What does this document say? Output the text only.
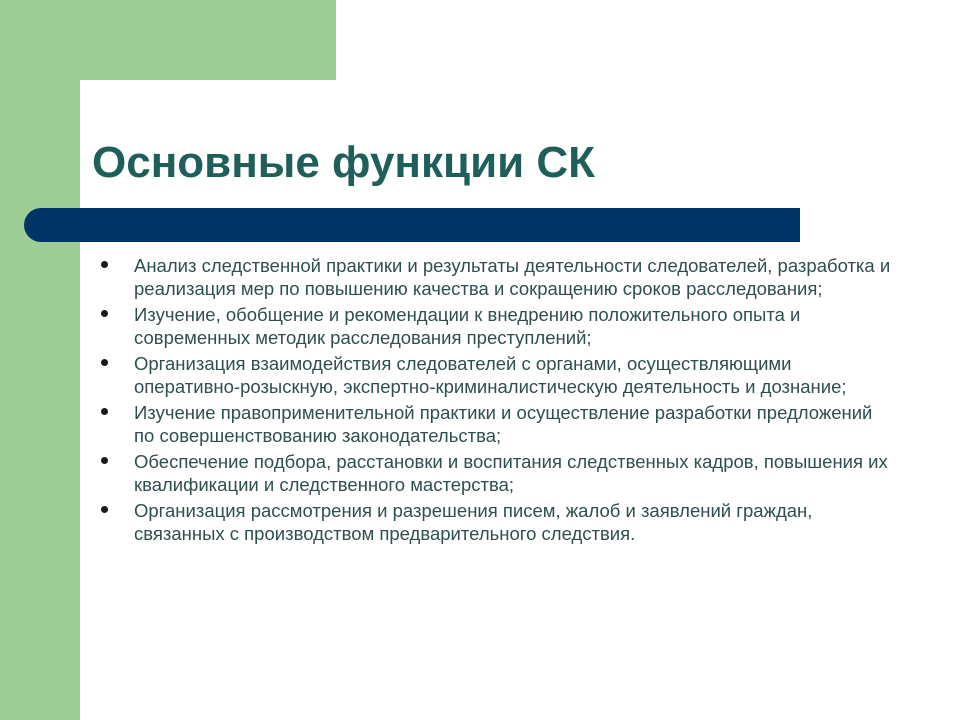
Основные функции СК
Анализ следственной практики и результаты деятельности следователей, разработка и реализация мер по повышению качества и сокращению сроков расследования;
Изучение, обобщение и рекомендации к внедрению положительного опыта и современных методик расследования преступлений;
Организация взаимодействия следователей с органами, осуществляющими оперативно-розыскную, экспертно-криминалистическую деятельность и дознание;
Изучение правоприменительной практики и осуществление разработки предложений по совершенствованию законодательства;
Обеспечение подбора, расстановки и воспитания следственных кадров, повышения их квалификации и следственного мастерства;
Организация рассмотрения и разрешения писем, жалоб и заявлений граждан, связанных с производством предварительного следствия.
